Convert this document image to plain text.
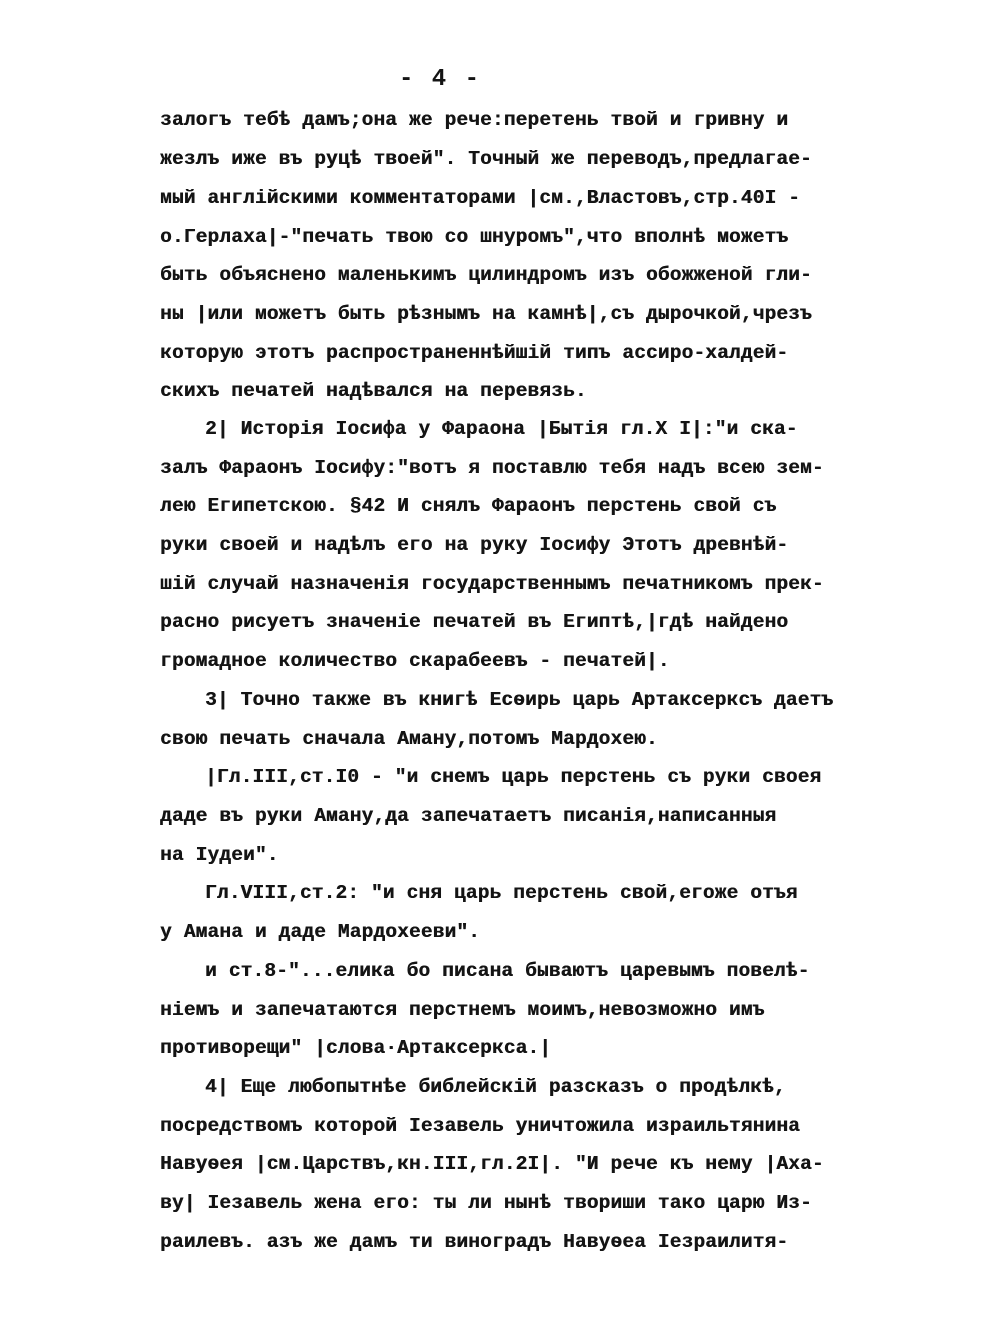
- 4 -
залогъ тебѣ дамъ;она же рече:перетень твой и гривну и
жезлъ иже въ руцѣ твоей". Точный же переводъ,предлагае-
мый англійскими комментаторами |см.,Властовъ,стр.40І -
о.Герлаха|-"печать твою со шнуромъ",что вполнѣ можетъ
быть объяснено маленькимъ цилиндромъ изъ обожженой гли-
ны |или можетъ быть рѣзнымъ на камнѣ|,съ дырочкой,чрезъ
которую этотъ распространеннѣйшій типъ ассиро-халдей-
скихъ печатей надѣвался на перевязь.
2| Исторія Іосифа у Фараона |Бытія гл.Х І|:"и ска-
залъ Фараонъ Іосифу:"вотъ я поставлю тебя надъ всею зем-
лею Египетскою. §42 И снялъ Фараонъ перстень свой съ
руки своей и надѣлъ его на руку Іосифу Этотъ древнѣй-
шій случай назначенія государственнымъ печатникомъ прек-
расно рисуетъ значеніе печатей въ Египтѣ,|гдѣ найдено
громадное количество скарабеевъ - печатей|.
3| Точно также въ книгѣ Есѳирь царь Артаксерксъ даетъ
свою печать сначала Аману,потомъ Мардохею.
|Гл.ІІІ,ст.І0 - "и снемъ царь перстень съ руки своея
даде въ руки Аману,да запечатаетъ писанія,написанныя
на Іудеи".
Гл.VІІІ,ст.2: "и сня царь перстень свой,егоже отъя
у Амана и даде Мардохееви".
и ст.8-"...елика бо писана бываютъ царевымъ повелѣ-
ніемъ и запечатаются перстнемъ моимъ,невозможно имъ
противорещи" |слова·Артаксеркса.|
4| Еще любопытнѣе библейскій разсказъ о продѣлкѣ,
посредствомъ которой Іезавель уничтожила израильтянина
Навуѳея |см.Царствъ,кн.ІІІ,гл.2І|. "И рече къ нему |Аха-
ву| Іезавель жена его: ты ли нынѣ твориши тако царю Из-
раилевъ. азъ же дамъ ти виноградъ Навуѳеа Іезраилитя-
